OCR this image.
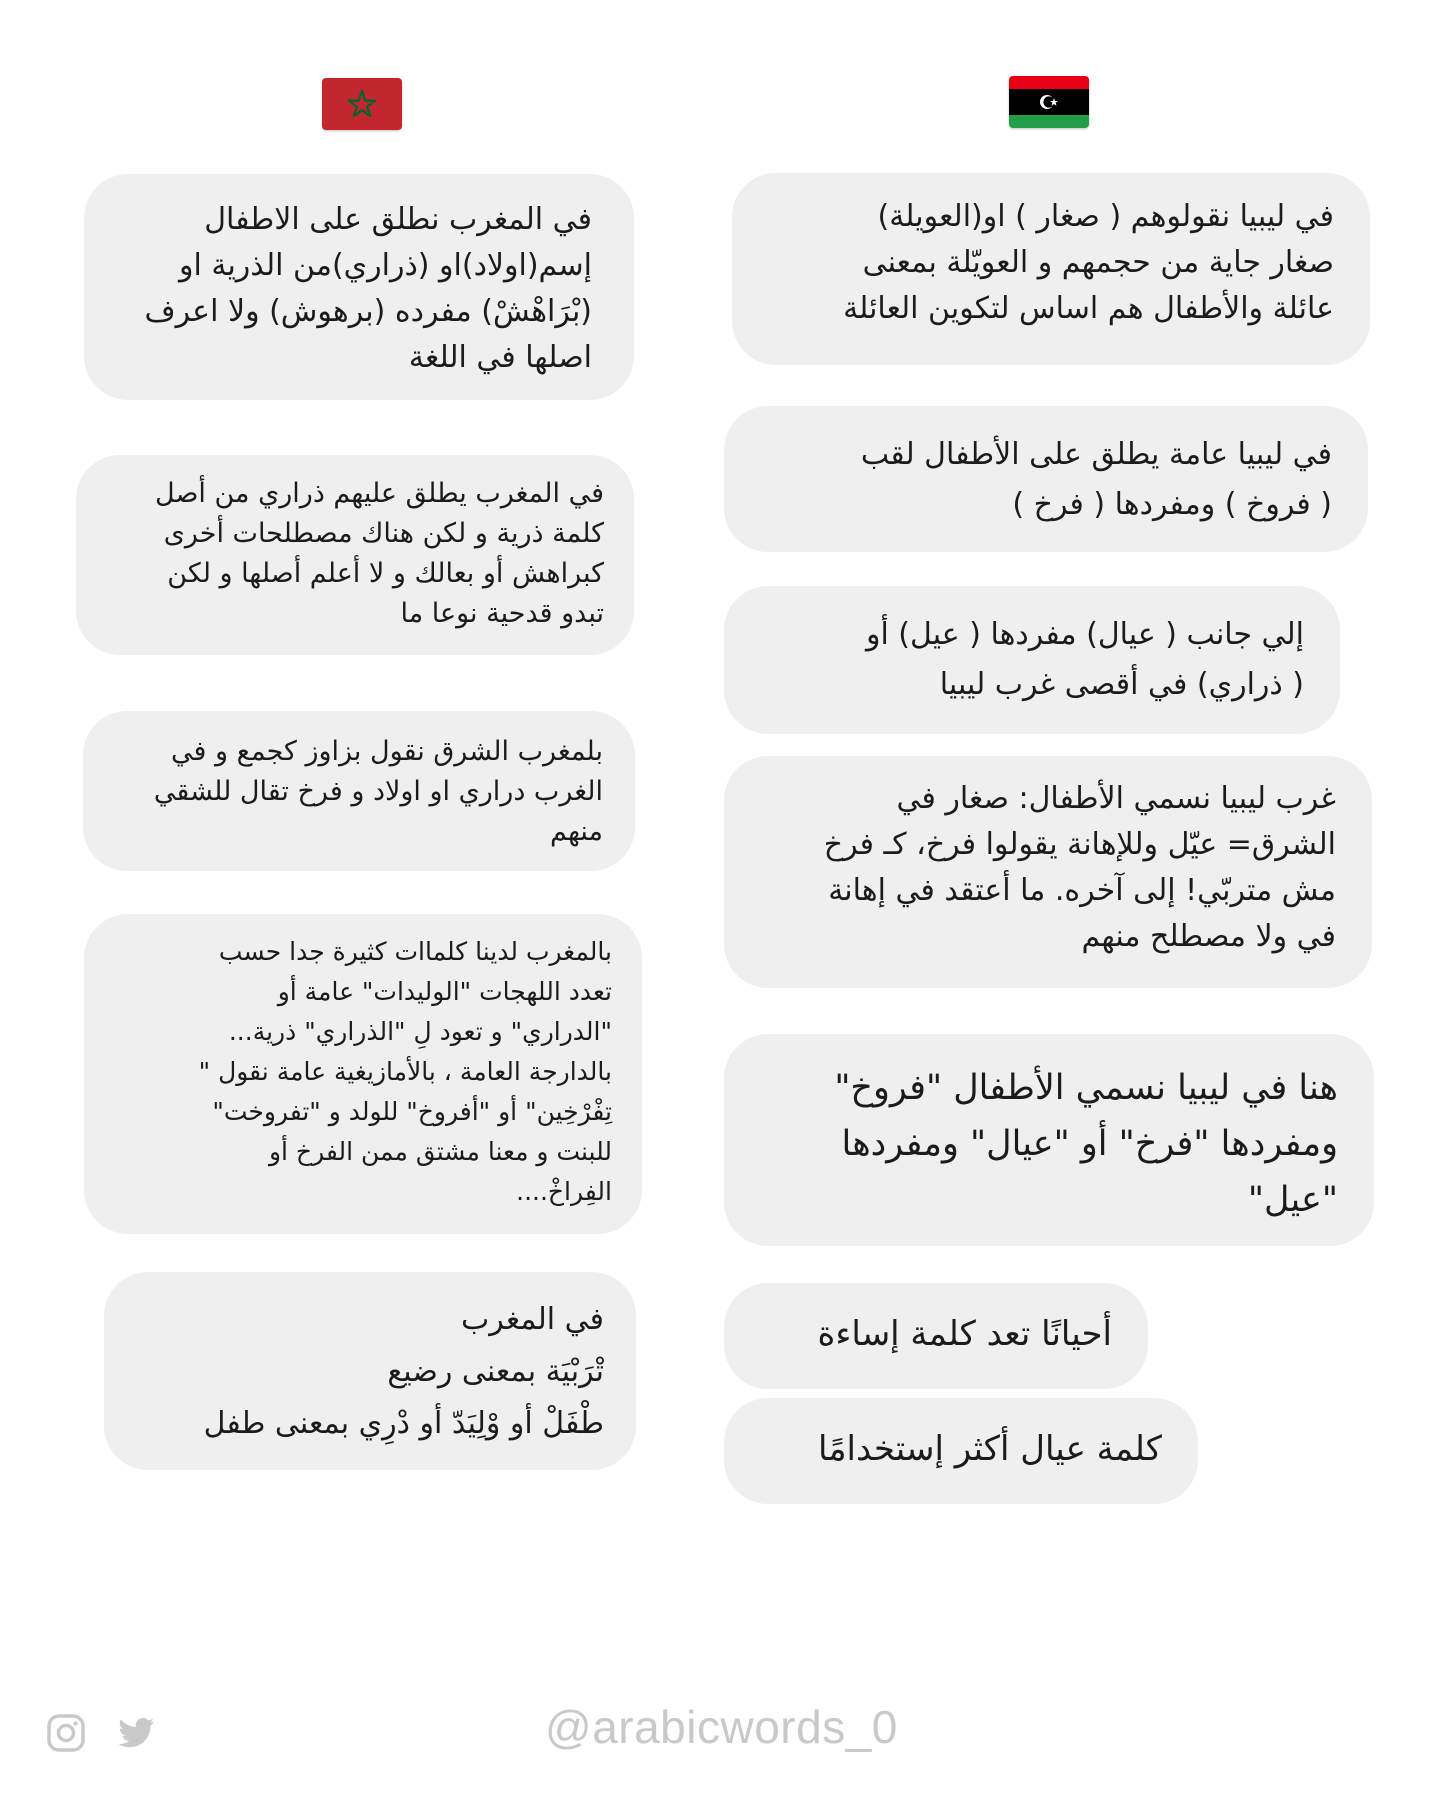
في المغرب نطلق على الاطفال
إسم(اولاد)او (ذراري)من الذرية او
(بْرَاهْشْ) مفرده (برهوش) ولا اعرف
اصلها في اللغة
في المغرب يطلق عليهم ذراري من أصل
كلمة ذرية و لكن هناك مصطلحات أخرى
كبراهش أو بعالك و لا أعلم أصلها و لكن
تبدو قدحية نوعا ما
بلمغرب الشرق نقول بزاوز كجمع و في
الغرب دراري او اولاد و فرخ تقال للشقي
منهم
بالمغرب لدينا كلماات كثيرة جدا حسب
تعدد اللهجات "الوليدات" عامة أو
"الدراري" و تعود لِ "الذراري" ذرية...
بالدارجة العامة ، بالأمازيغية عامة نقول "
تِفْرْخِين" أو "أفروخ" للولد و "تفروخت"
للبنت و معنا مشتق ممن الفرخ أو
الفِراخْ....
في المغرب
تْرَبْيَة بمعنى رضيع
طْفَلْ أو وْلِيَدّ أو دْرِي بمعنى طفل
في ليبيا نقولوهم ( صغار ) او(العويلة)
صغار جاية من حجمهم و العويّلة بمعنى
عائلة والأطفال هم اساس لتكوين العائلة
في ليبيا عامة يطلق على الأطفال لقب
( فروخ ) ومفردها ( فرخ )
إلي جانب ( عيال) مفردها ( عيل) أو
( ذراري) في أقصى غرب ليبيا
غرب ليبيا نسمي الأطفال: صغار في
الشرق= عيّل وللإهانة يقولوا فرخ، كـ فرخ
مش متربّي! إلى آخره. ما أعتقد في إهانة
في ولا مصطلح منهم
هنا في ليبيا نسمي الأطفال "فروخ"
ومفردها "فرخ" أو "عيال" ومفردها
"عيل"
أحيانًا تعد كلمة إساءة
كلمة عيال أكثر إستخدامًا
@arabicwords_0
